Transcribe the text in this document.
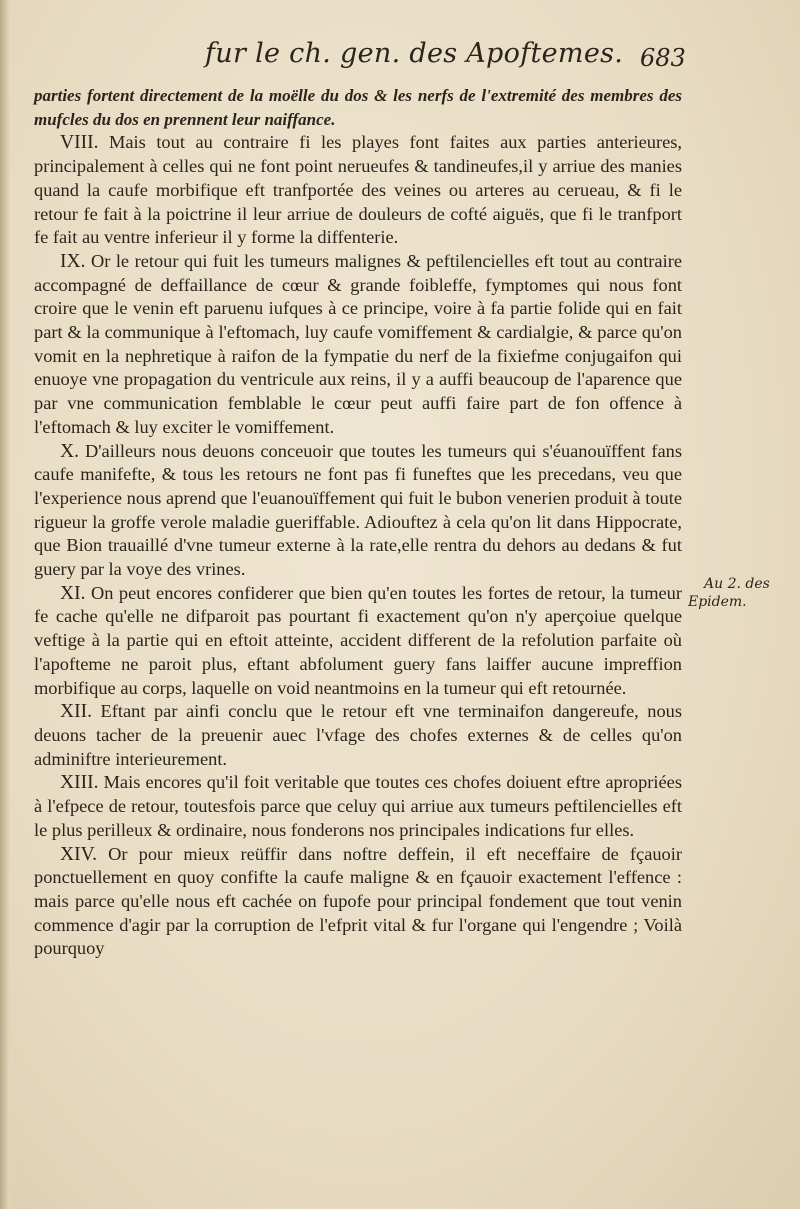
fur le ch. gen. des Apoftemes. 683

parties fortent directement de la moëlle du dos & les nerfs de l'extremité des membres des mufcles du dos en prennent leur naiffance.

VIII. Mais tout au contraire fi les playes font faites aux parties anterieures, principalement à celles qui ne font point nerueufes & tandineufes,il y arriue des manies quand la caufe morbifique eft tranfportée des veines ou arteres au cerueau, & fi le retour fe fait à la poictrine il leur arriue de douleurs de cofté aiguës, que fi le tranfport fe fait au ventre inferieur il y forme la diffenterie.

IX. Or le retour qui fuit les tumeurs malignes & peftilencielles eft tout au contraire accompagné de deffaillance de cœur & grande foibleffe, fymptomes qui nous font croire que le venin eft paruenu iufques à ce principe, voire à fa partie folide qui en fait part & la communique à l'eftomach, luy caufe vomiffement & cardialgie, & parce qu'on vomit en la nephretique à raifon de la fympatie du nerf de la fixiefme conjugaifon qui enuoye vne propagation du ventricule aux reins, il y a auffi beaucoup de l'aparence que par vne communication femblable le cœur peut auffi faire part de fon offence à l'eftomach & luy exciter le vomiffement.

X. D'ailleurs nous deuons conceuoir que toutes les tumeurs qui s'éuanouïffent fans caufe manifefte, & tous les retours ne font pas fi funeftes que les precedans, veu que l'experience nous aprend que l'euanouïffement qui fuit le bubon venerien produit à toute rigueur la groffe verole maladie gueriffable. Adiouftez à cela qu'on lit dans Hippocrate, que Bion trauaillé d'vne tumeur externe à la rate,elle rentra du dehors au dedans & fut guery par la voye des vrines.

XI. On peut encores confiderer que bien qu'en toutes les fortes de retour, la tumeur fe cache qu'elle ne difparoit pas pourtant fi exactement qu'on n'y aperçoiue quelque veftige à la partie qui en eftoit atteinte, accident different de la refolution parfaite où l'apofteme ne paroit plus, eftant abfolument guery fans laiffer aucune impreffion morbifique au corps, laquelle on void neantmoins en la tumeur qui eft retournée.

XII. Eftant par ainfi conclu que le retour eft vne terminaifon dangereufe, nous deuons tacher de la preuenir auec l'vfage des chofes externes & de celles qu'on adminiftre interieurement.

XIII. Mais encores qu'il foit veritable que toutes ces chofes doiuent eftre apropriées à l'efpece de retour, toutesfois parce que celuy qui arriue aux tumeurs peftilencielles eft le plus perilleux & ordinaire, nous fonderons nos principales indications fur elles.

XIV. Or pour mieux reüffir dans noftre deffein, il eft neceffaire de fçauoir ponctuellement en quoy confifte la caufe maligne & en fçauoir exactement l'effence : mais parce qu'elle nous eft cachée on fupofe pour principal fondement que tout venin commence d'agir par la corruption de l'efprit vital & fur l'organe qui l'engendre ; Voilà pourquoy

Au 2. des
Epidem.
